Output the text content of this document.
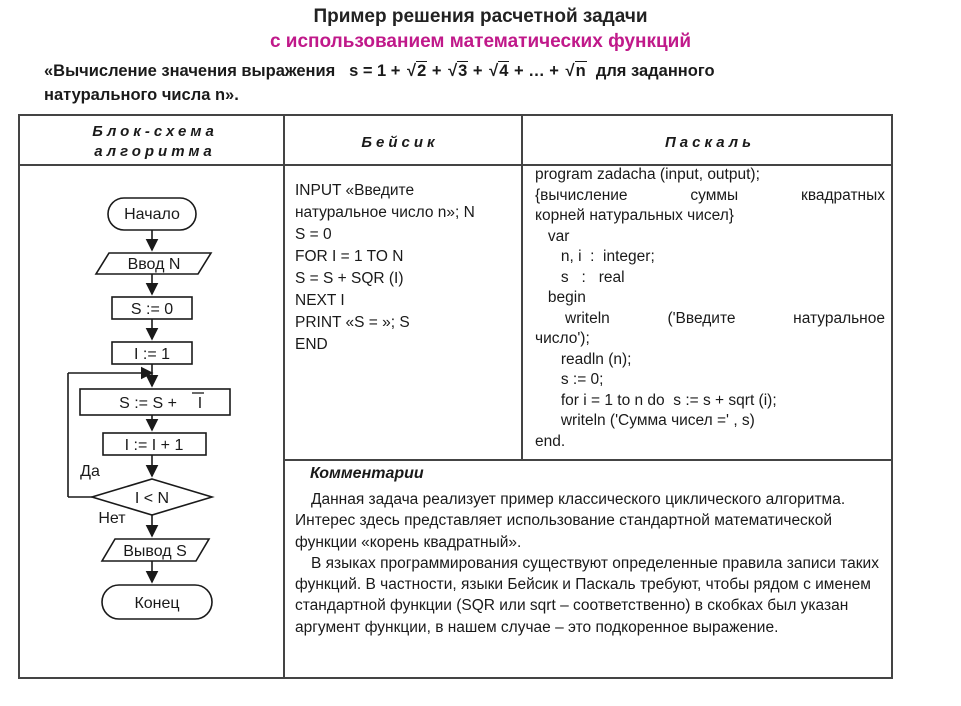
Пример решения расчетной задачи
с использованием математических функций
«Вычисление значения выражения s = 1 + √2 + √3 + √4 + … + √n для заданного
натурального числа n».
Блок-схема
алгоритма
Бейсик	Паскаль
Начало
Ввод N
S := 0
I := 1
S := S + I
I := I + 1
I < N
Вывод S
Конец
Да
Нет
INPUT «Введите
натуральное число n»; N
S = 0
FOR I = 1 TO N
S = S + SQR (I)
NEXT I
PRINT «S = »; S
END
program zadacha (input, output);
{вычисление суммы квадратных
корней натуральных чисел}
var
n, i  :  integer;
s   :   real
begin
writeln ('Введите натуральное
число');
readln (n);
s := 0;
for i = 1 to n do  s := s + sqrt (i);
writeln ('Сумма чисел =' , s)
end.
Комментарии

Данная задача реализует пример классического циклического алгоритма. Интерес здесь представляет использование стандартной математической функции «корень квадратный».

В языках программирования существуют определенные правила записи таких функций. В частности, языки Бейсик и Паскаль требуют, чтобы рядом с именем стандартной функции (SQR или sqrt – соответственно) в скобках был указан аргумент функции, в нашем случае – это подкоренное выражение.
